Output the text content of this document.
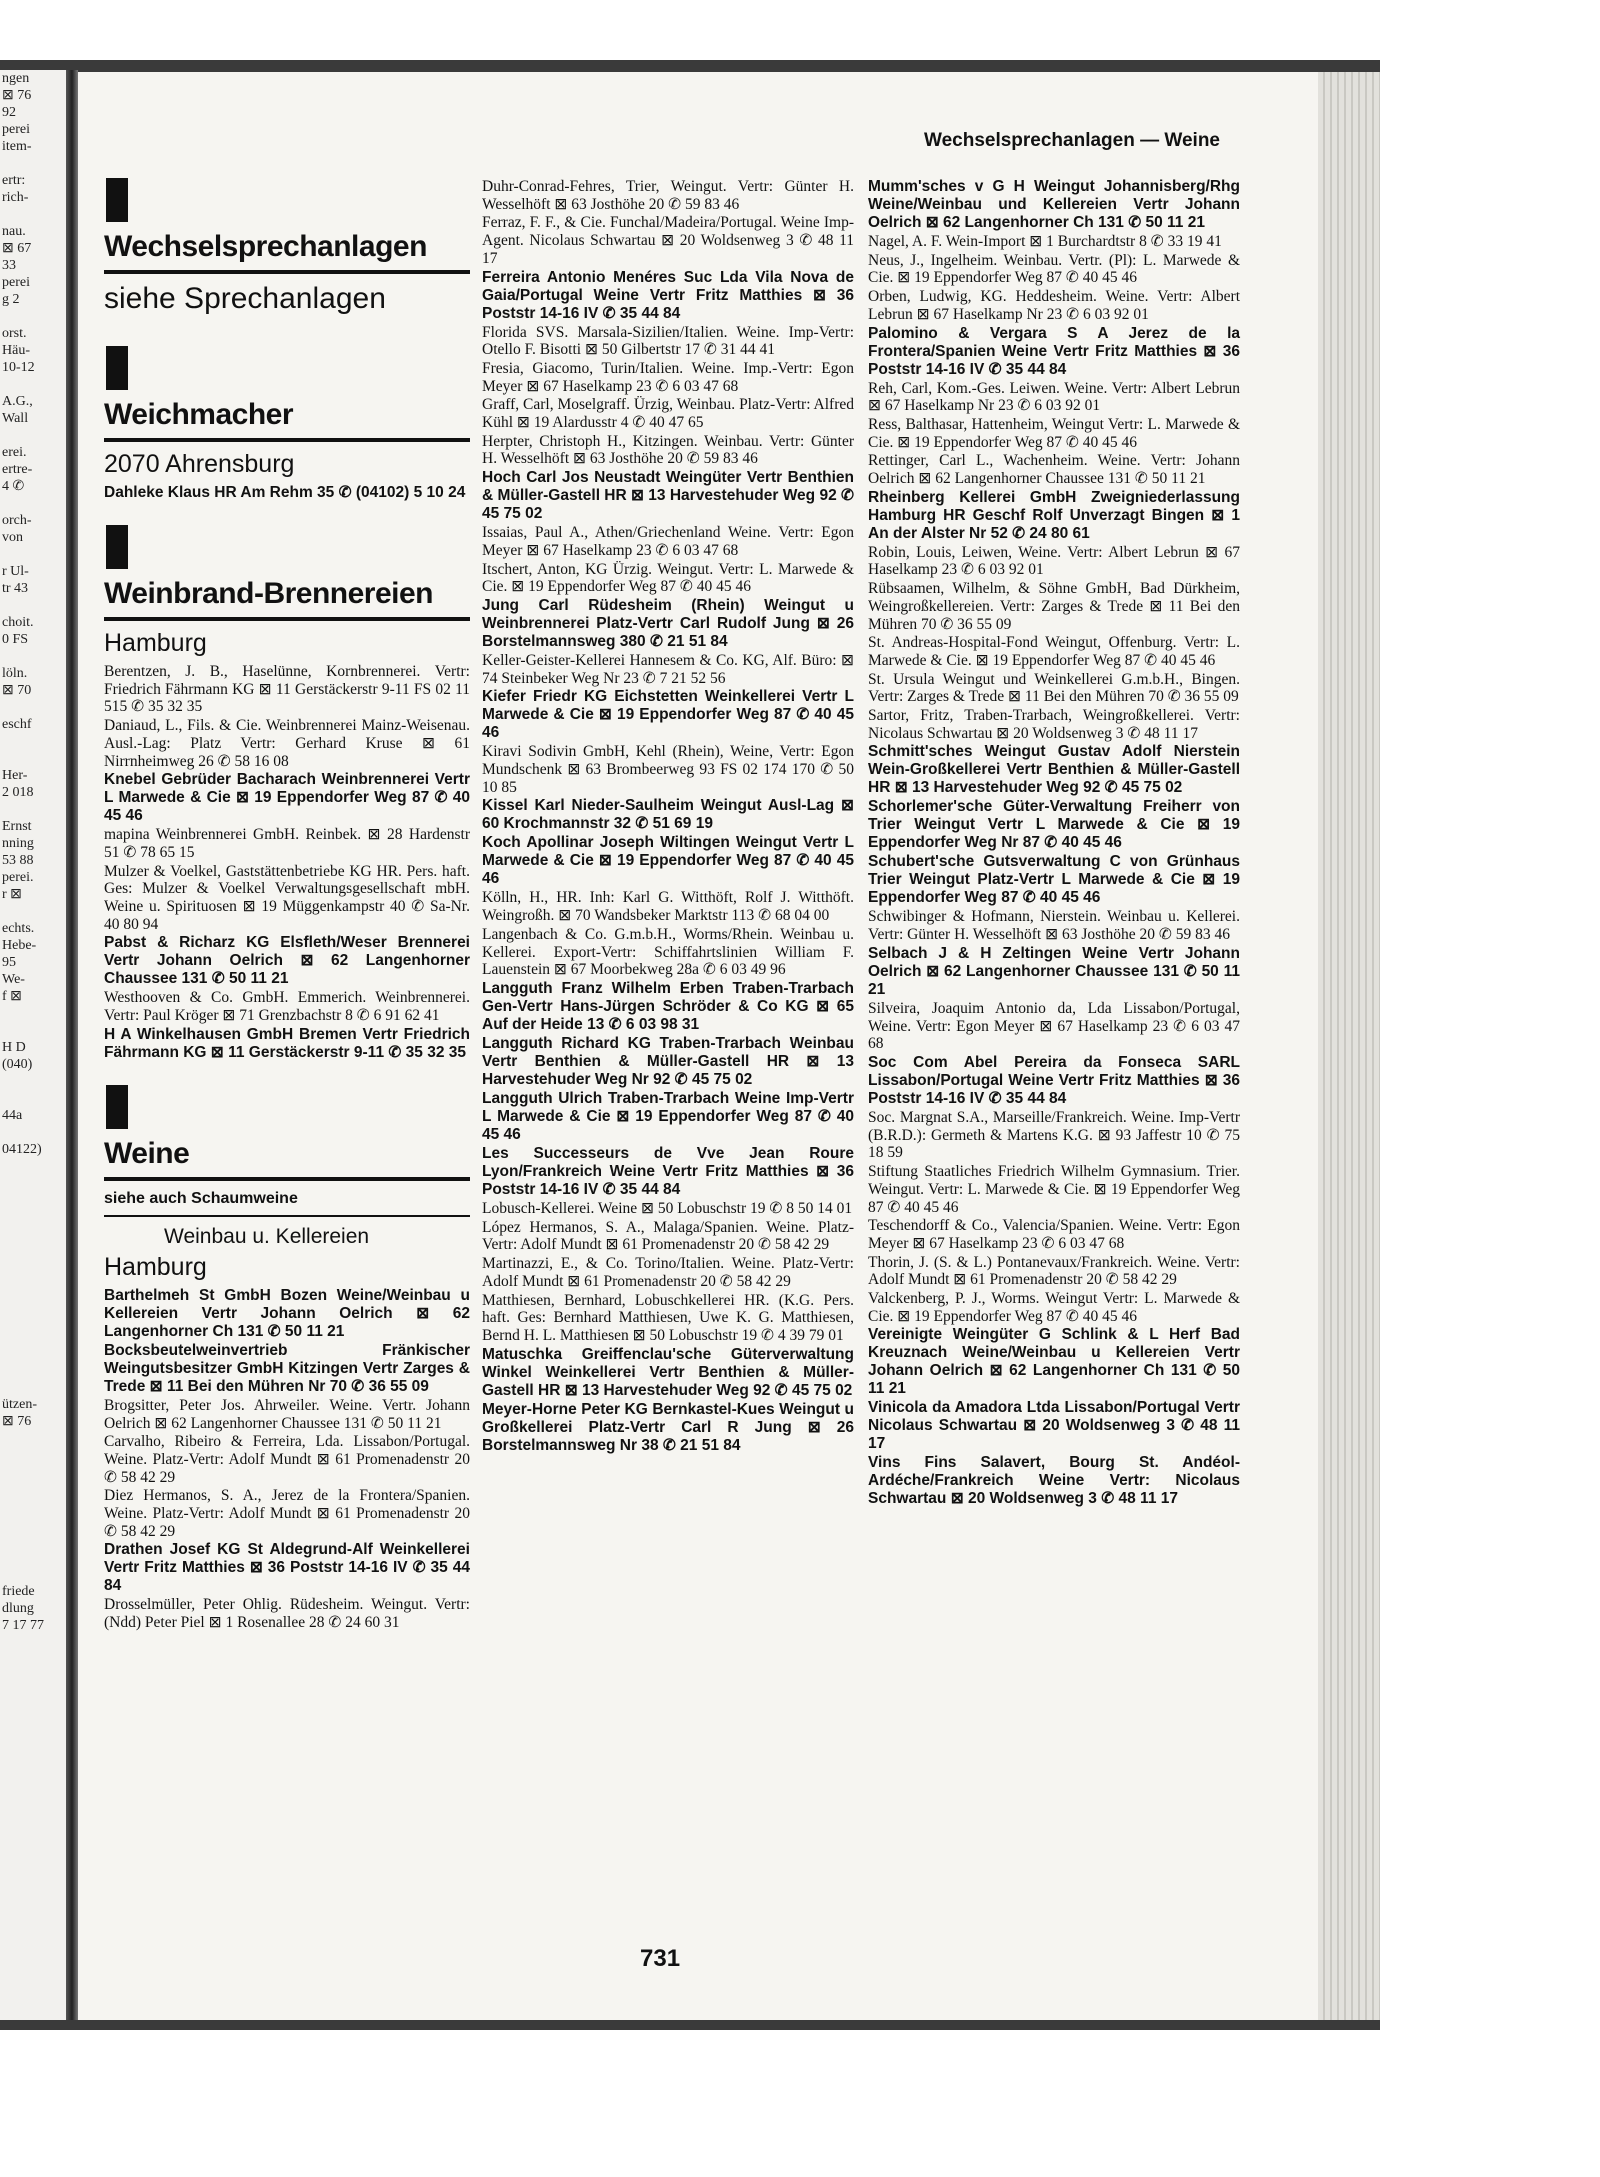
ngen
⊠ 76
92
perei
item-

ertr:
rich-

nau.
⊠ 67
33
perei
g 2

orst.
Häu-
10-12

A.G.,
Wall

erei.
ertre-
4 ✆

orch-
von

r Ul-
tr 43

choit.
0 FS

löln.
⊠ 70

eschf

Her-
2 018

Ernst
nning
53 88
perei.
r ⊠

echts.
Hebe-
95
We-
f ⊠

H D
(040)

44a

04122)

ützen-
⊠ 76

friede
dlung
7 17 77
Wechselsprechanlagen — Weine
Wechselsprechanlagen
siehe Sprechanlagen
Weichmacher
2070 Ahrensburg
Dahleke Klaus HR Am Rehm 35 ✆ (04102) 5 10 24
Weinbrand-Brennereien
Hamburg
Berentzen, J. B., Haselünne, Kornbrennerei. Vertr: Friedrich Fährmann KG ⊠ 11 Gerstäckerstr 9-11 FS 02 11 515 ✆ 35 32 35
Daniaud, L., Fils. & Cie. Weinbrennerei Mainz-Weisenau. Ausl.-Lag: Platz Vertr: Gerhard Kruse ⊠ 61 Nirrnheimweg 26 ✆ 58 16 08
Knebel Gebrüder Bacharach Weinbrennerei Vertr L Marwede & Cie ⊠ 19 Eppendorfer Weg 87 ✆ 40 45 46
mapina Weinbrennerei GmbH. Reinbek. ⊠ 28 Hardenstr 51 ✆ 78 65 15
Mulzer & Voelkel, Gaststättenbetriebe KG HR. Pers. haft. Ges: Mulzer & Voelkel Verwaltungsgesellschaft mbH. Weine u. Spirituosen ⊠ 19 Müggenkampstr 40 ✆ Sa-Nr. 40 80 94
Pabst & Richarz KG Elsfleth/Weser Brennerei Vertr Johann Oelrich ⊠ 62 Langenhorner Chaussee 131 ✆ 50 11 21
Westhooven & Co. GmbH. Emmerich. Weinbrennerei. Vertr: Paul Kröger ⊠ 71 Grenzbachstr 8 ✆ 6 91 62 41
H A Winkelhausen GmbH Bremen Vertr Friedrich Fährmann KG ⊠ 11 Gerstäckerstr 9-11 ✆ 35 32 35
Weine
siehe auch Schaumweine
Weinbau u. Kellereien
Hamburg
Barthelmeh St GmbH Bozen Weine/Weinbau u Kellereien Vertr Johann Oelrich ⊠ 62 Langenhorner Ch 131 ✆ 50 11 21
Bocksbeutelweinvertrieb Fränkischer Weingutsbesitzer GmbH Kitzingen Vertr Zarges & Trede ⊠ 11 Bei den Mühren Nr 70 ✆ 36 55 09
Brogsitter, Peter Jos. Ahrweiler. Weine. Vertr. Johann Oelrich ⊠ 62 Langenhorner Chaussee 131 ✆ 50 11 21
Carvalho, Ribeiro & Ferreira, Lda. Lissabon/Portugal. Weine. Platz-Vertr: Adolf Mundt ⊠ 61 Promenadenstr 20 ✆ 58 42 29
Diez Hermanos, S. A., Jerez de la Frontera/Spanien. Weine. Platz-Vertr: Adolf Mundt ⊠ 61 Promenadenstr 20 ✆ 58 42 29
Drathen Josef KG St Aldegrund-Alf Weinkellerei Vertr Fritz Matthies ⊠ 36 Poststr 14-16 IV ✆ 35 44 84
Drosselmüller, Peter Ohlig. Rüdesheim. Weingut. Vertr: (Ndd) Peter Piel ⊠ 1 Rosenallee 28 ✆ 24 60 31
Duhr-Conrad-Fehres, Trier, Weingut. Vertr: Günter H. Wesselhöft ⊠ 63 Josthöhe 20 ✆ 59 83 46
Ferraz, F. F., & Cie. Funchal/Madeira/Portugal. Weine Imp-Agent. Nicolaus Schwartau ⊠ 20 Woldsenweg 3 ✆ 48 11 17
Ferreira Antonio Menéres Suc Lda Vila Nova de Gaia/Portugal Weine Vertr Fritz Matthies ⊠ 36 Poststr 14-16 IV ✆ 35 44 84
Florida SVS. Marsala-Sizilien/Italien. Weine. Imp-Vertr: Otello F. Bisotti ⊠ 50 Gilbertstr 17 ✆ 31 44 41
Fresia, Giacomo, Turin/Italien. Weine. Imp.-Vertr: Egon Meyer ⊠ 67 Haselkamp 23 ✆ 6 03 47 68
Graff, Carl, Moselgraff. Ürzig, Weinbau. Platz-Vertr: Alfred Kühl ⊠ 19 Alardusstr 4 ✆ 40 47 65
Herpter, Christoph H., Kitzingen. Weinbau. Vertr: Günter H. Wesselhöft ⊠ 63 Josthöhe 20 ✆ 59 83 46
Hoch Carl Jos Neustadt Weingüter Vertr Benthien & Müller-Gastell HR ⊠ 13 Harvestehuder Weg 92 ✆ 45 75 02
Issaias, Paul A., Athen/Griechenland Weine. Vertr: Egon Meyer ⊠ 67 Haselkamp 23 ✆ 6 03 47 68
Itschert, Anton, KG Ürzig. Weingut. Vertr: L. Marwede & Cie. ⊠ 19 Eppendorfer Weg 87 ✆ 40 45 46
Jung Carl Rüdesheim (Rhein) Weingut u Weinbrennerei Platz-Vertr Carl Rudolf Jung ⊠ 26 Borstelmannsweg 380 ✆ 21 51 84
Keller-Geister-Kellerei Hannesem & Co. KG, Alf. Büro: ⊠ 74 Steinbeker Weg Nr 23 ✆ 7 21 52 56
Kiefer Friedr KG Eichstetten Weinkellerei Vertr L Marwede & Cie ⊠ 19 Eppendorfer Weg 87 ✆ 40 45 46
Kiravi Sodivin GmbH, Kehl (Rhein), Weine, Vertr: Egon Mundschenk ⊠ 63 Brombeerweg 93 FS 02 174 170 ✆ 50 10 85
Kissel Karl Nieder-Saulheim Weingut Ausl-Lag ⊠ 60 Krochmannstr 32 ✆ 51 69 19
Koch Apollinar Joseph Wiltingen Weingut Vertr L Marwede & Cie ⊠ 19 Eppendorfer Weg 87 ✆ 40 45 46
Kölln, H., HR. Inh: Karl G. Witthöft, Rolf J. Witthöft. Weingroßh. ⊠ 70 Wandsbeker Marktstr 113 ✆ 68 04 00
Langenbach & Co. G.m.b.H., Worms/Rhein. Weinbau u. Kellerei. Export-Vertr: Schiffahrtslinien William F. Lauenstein ⊠ 67 Moorbekweg 28a ✆ 6 03 49 96
Langguth Franz Wilhelm Erben Traben-Trarbach Gen-Vertr Hans-Jürgen Schröder & Co KG ⊠ 65 Auf der Heide 13 ✆ 6 03 98 31
Langguth Richard KG Traben-Trarbach Weinbau Vertr Benthien & Müller-Gastell HR ⊠ 13 Harvestehuder Weg Nr 92 ✆ 45 75 02
Langguth Ulrich Traben-Trarbach Weine Imp-Vertr L Marwede & Cie ⊠ 19 Eppendorfer Weg 87 ✆ 40 45 46
Les Successeurs de Vve Jean Roure Lyon/Frankreich Weine Vertr Fritz Matthies ⊠ 36 Poststr 14-16 IV ✆ 35 44 84
Lobusch-Kellerei. Weine ⊠ 50 Lobuschstr 19 ✆ 8 50 14 01
López Hermanos, S. A., Malaga/Spanien. Weine. Platz-Vertr: Adolf Mundt ⊠ 61 Promenadenstr 20 ✆ 58 42 29
Martinazzi, E., & Co. Torino/Italien. Weine. Platz-Vertr: Adolf Mundt ⊠ 61 Promenadenstr 20 ✆ 58 42 29
Matthiesen, Bernhard, Lobuschkellerei HR. (K.G. Pers. haft. Ges: Bernhard Matthiesen, Uwe K. G. Matthiesen, Bernd H. L. Matthiesen ⊠ 50 Lobuschstr 19 ✆ 4 39 79 01
Matuschka Greiffenclau'sche Güterverwaltung Winkel Weinkellerei Vertr Benthien & Müller-Gastell HR ⊠ 13 Harvestehuder Weg 92 ✆ 45 75 02
Meyer-Horne Peter KG Bernkastel-Kues Weingut u Großkellerei Platz-Vertr Carl R Jung ⊠ 26 Borstelmannsweg Nr 38 ✆ 21 51 84
Mumm'sches v G H Weingut Johannisberg/Rhg Weine/Weinbau und Kellereien Vertr Johann Oelrich ⊠ 62 Langenhorner Ch 131 ✆ 50 11 21
Nagel, A. F. Wein-Import ⊠ 1 Burchardtstr 8 ✆ 33 19 41
Neus, J., Ingelheim. Weinbau. Vertr. (Pl): L. Marwede & Cie. ⊠ 19 Eppendorfer Weg 87 ✆ 40 45 46
Orben, Ludwig, KG. Heddesheim. Weine. Vertr: Albert Lebrun ⊠ 67 Haselkamp Nr 23 ✆ 6 03 92 01
Palomino & Vergara S A Jerez de la Frontera/Spanien Weine Vertr Fritz Matthies ⊠ 36 Poststr 14-16 IV ✆ 35 44 84
Reh, Carl, Kom.-Ges. Leiwen. Weine. Vertr: Albert Lebrun ⊠ 67 Haselkamp Nr 23 ✆ 6 03 92 01
Ress, Balthasar, Hattenheim, Weingut Vertr: L. Marwede & Cie. ⊠ 19 Eppendorfer Weg 87 ✆ 40 45 46
Rettinger, Carl L., Wachenheim. Weine. Vertr: Johann Oelrich ⊠ 62 Langenhorner Chaussee 131 ✆ 50 11 21
Rheinberg Kellerei GmbH Zweigniederlassung Hamburg HR Geschf Rolf Unverzagt Bingen ⊠ 1 An der Alster Nr 52 ✆ 24 80 61
Robin, Louis, Leiwen, Weine. Vertr: Albert Lebrun ⊠ 67 Haselkamp 23 ✆ 6 03 92 01
Rübsaamen, Wilhelm, & Söhne GmbH, Bad Dürkheim, Weingroßkellereien. Vertr: Zarges & Trede ⊠ 11 Bei den Mühren 70 ✆ 36 55 09
St. Andreas-Hospital-Fond Weingut, Offenburg. Vertr: L. Marwede & Cie. ⊠ 19 Eppendorfer Weg 87 ✆ 40 45 46
St. Ursula Weingut und Weinkellerei G.m.b.H., Bingen. Vertr: Zarges & Trede ⊠ 11 Bei den Mühren 70 ✆ 36 55 09
Sartor, Fritz, Traben-Trarbach, Weingroßkellerei. Vertr: Nicolaus Schwartau ⊠ 20 Woldsenweg 3 ✆ 48 11 17
Schmitt'sches Weingut Gustav Adolf Nierstein Wein-Großkellerei Vertr Benthien & Müller-Gastell HR ⊠ 13 Harvestehuder Weg 92 ✆ 45 75 02
Schorlemer'sche Güter-Verwaltung Freiherr von Trier Weingut Vertr L Marwede & Cie ⊠ 19 Eppendorfer Weg Nr 87 ✆ 40 45 46
Schubert'sche Gutsverwaltung C von Grünhaus Trier Weingut Platz-Vertr L Marwede & Cie ⊠ 19 Eppendorfer Weg 87 ✆ 40 45 46
Schwibinger & Hofmann, Nierstein. Weinbau u. Kellerei. Vertr: Günter H. Wesselhöft ⊠ 63 Josthöhe 20 ✆ 59 83 46
Selbach J & H Zeltingen Weine Vertr Johann Oelrich ⊠ 62 Langenhorner Chaussee 131 ✆ 50 11 21
Silveira, Joaquim Antonio da, Lda Lissabon/Portugal, Weine. Vertr: Egon Meyer ⊠ 67 Haselkamp 23 ✆ 6 03 47 68
Soc Com Abel Pereira da Fonseca SARL Lissabon/Portugal Weine Vertr Fritz Matthies ⊠ 36 Poststr 14-16 IV ✆ 35 44 84
Soc. Margnat S.A., Marseille/Frankreich. Weine. Imp-Vertr (B.R.D.): Germeth & Martens K.G. ⊠ 93 Jaffestr 10 ✆ 75 18 59
Stiftung Staatliches Friedrich Wilhelm Gymnasium. Trier. Weingut. Vertr: L. Marwede & Cie. ⊠ 19 Eppendorfer Weg 87 ✆ 40 45 46
Teschendorff & Co., Valencia/Spanien. Weine. Vertr: Egon Meyer ⊠ 67 Haselkamp 23 ✆ 6 03 47 68
Thorin, J. (S. & L.) Pontanevaux/Frankreich. Weine. Vertr: Adolf Mundt ⊠ 61 Promenadenstr 20 ✆ 58 42 29
Valckenberg, P. J., Worms. Weingut Vertr: L. Marwede & Cie. ⊠ 19 Eppendorfer Weg 87 ✆ 40 45 46
Vereinigte Weingüter G Schlink & L Herf Bad Kreuznach Weine/Weinbau u Kellereien Vertr Johann Oelrich ⊠ 62 Langenhorner Ch 131 ✆ 50 11 21
Vinicola da Amadora Ltda Lissabon/Portugal Vertr Nicolaus Schwartau ⊠ 20 Woldsenweg 3 ✆ 48 11 17
Vins Fins Salavert, Bourg St. Andéol-Ardéche/Frankreich Weine Vertr: Nicolaus Schwartau ⊠ 20 Woldsenweg 3 ✆ 48 11 17
731
